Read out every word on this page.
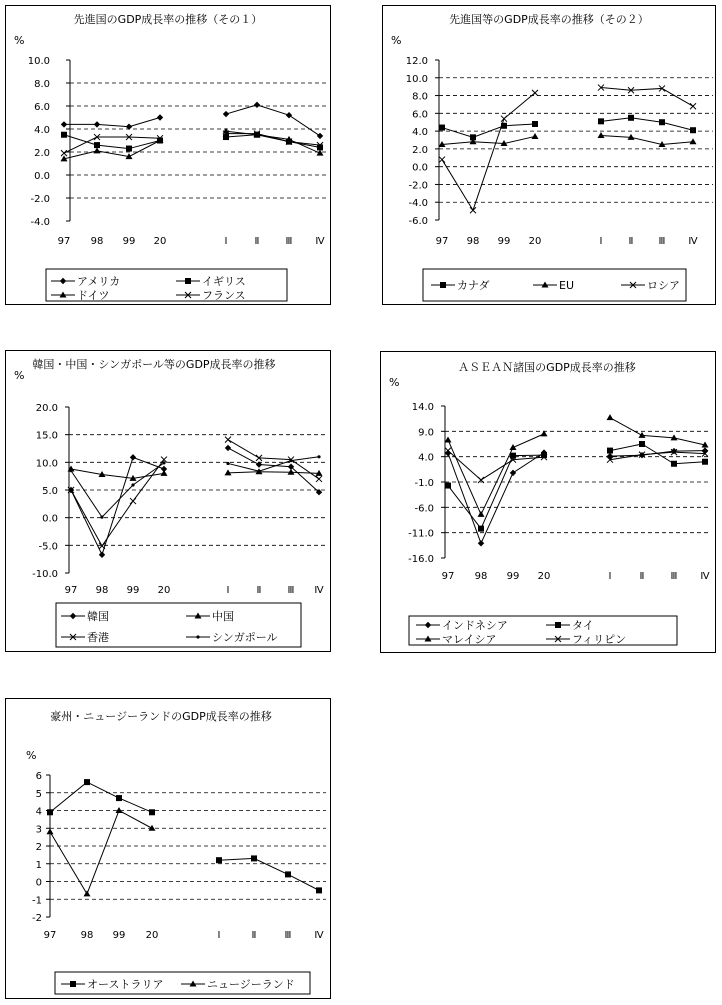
先進国のGDP成長率の推移（その１）
%
10.0
8.0
6.0
4.0
2.0
0.0
-2.0
-4.0
97 98 99 20	Ⅰ	Ⅱ	Ⅲ Ⅳ
アメリカ	イギリス
ドイツ	フランス
先進国等のGDP成長率の推移（その２）
%
12.0
10.0
8.0
6.0
4.0
2.0
0.0
-2.0
-4.0
-6.0
97 98 99 20	Ⅰ	Ⅱ	Ⅲ Ⅳ
カナダ	EU	ロシア
韓国・中国・シンガポール等のGDP成長率の推移
%
20.0
15.0
10.0
5.0
0.0
-5.0
-10.0
97 98 99 20	Ⅰ	Ⅱ	Ⅲ Ⅳ
韓国	中国
香港	シンガポール
ＡＳＥＡＮ諸国のGDP成長率の推移
%
14.0
9.0
4.0
-1.0
-6.0
-11.0
-16.0
97 98 99 20	Ⅰ	Ⅱ	Ⅲ Ⅳ
インドネシア	タイ
マレイシア	フィリピン
豪州・ニュージーランドのGDP成長率の推移
%
6
5
4
3
2
1
0
-1
-2
97 98 99 20	Ⅰ	Ⅱ	Ⅲ Ⅳ
オーストラリア	ニュージーランド
